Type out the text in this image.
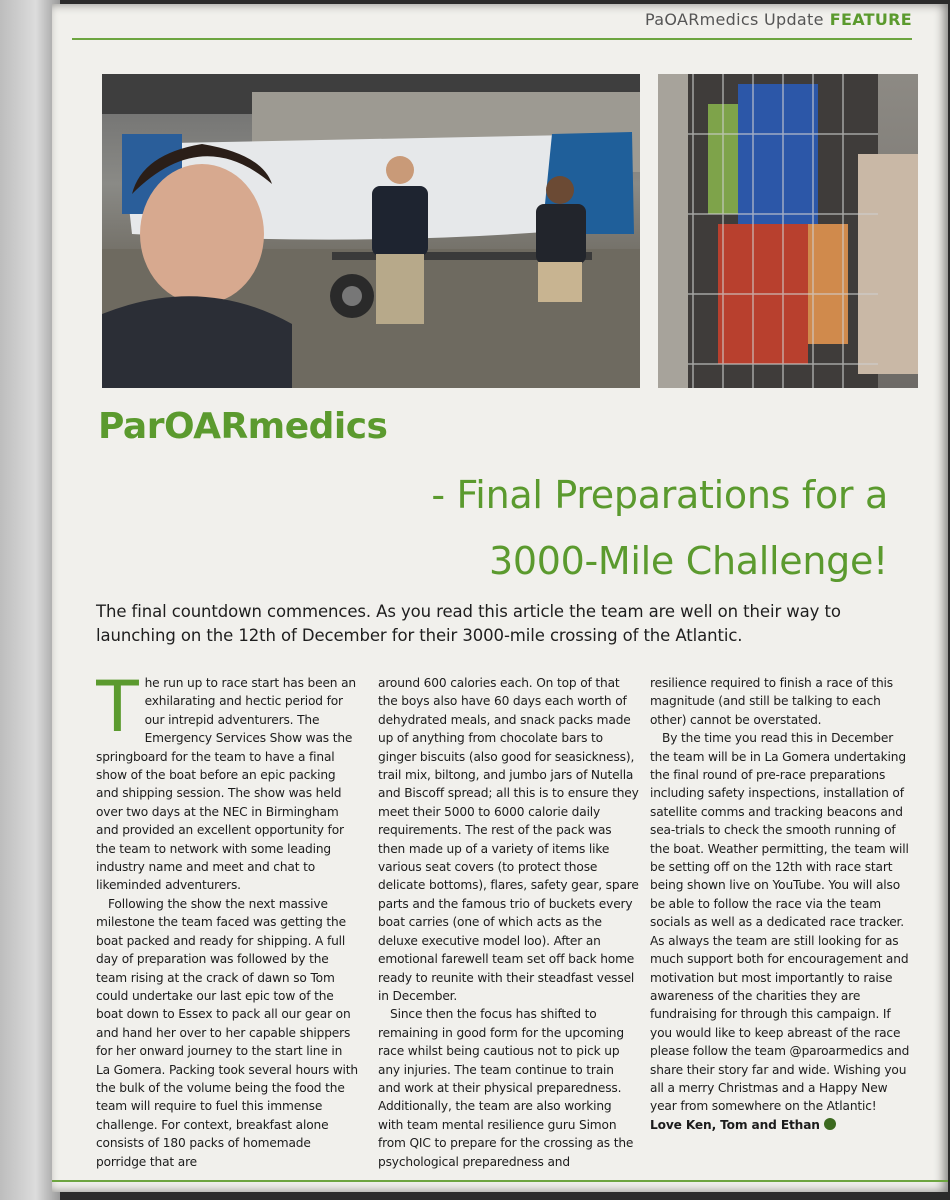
PaOARmedics Update FEATURE
ParOARmedics
- Final Preparations for a
3000-Mile Challenge!

The final countdown commences. As you read this article the team are well on their way to launching on the 12th of December for their 3000-mile crossing of the Atlantic.

The run up to race start has been an exhilarating and hectic period for our intrepid adventurers. The Emergency Services Show was the springboard for the team to have a final show of the boat before an epic packing and shipping session. The show was held over two days at the NEC in Birmingham and provided an excellent opportunity for the team to network with some leading industry name and meet and chat to likeminded adventurers.

Following the show the next massive milestone the team faced was getting the boat packed and ready for shipping. A full day of preparation was followed by the team rising at the crack of dawn so Tom could undertake our last epic tow of the boat down to Essex to pack all our gear on and hand her over to her capable shippers for her onward journey to the start line in La Gomera. Packing took several hours with the bulk of the volume being the food the team will require to fuel this immense challenge. For context, breakfast alone consists of 180 packs of homemade porridge that are

around 600 calories each. On top of that the boys also have 60 days each worth of dehydrated meals, and snack packs made up of anything from chocolate bars to ginger biscuits (also good for seasickness), trail mix, biltong, and jumbo jars of Nutella and Biscoff spread; all this is to ensure they meet their 5000 to 6000 calorie daily requirements. The rest of the pack was then made up of a variety of items like various seat covers (to protect those delicate bottoms), flares, safety gear, spare parts and the famous trio of buckets every boat carries (one of which acts as the deluxe executive model loo). After an emotional farewell team set off back home ready to reunite with their steadfast vessel in December.

Since then the focus has shifted to remaining in good form for the upcoming race whilst being cautious not to pick up any injuries. The team continue to train and work at their physical preparedness. Additionally, the team are also working with team mental resilience guru Simon from QIC to prepare for the crossing as the psychological preparedness and

resilience required to finish a race of this magnitude (and still be talking to each other) cannot be overstated.

By the time you read this in December the team will be in La Gomera undertaking the final round of pre-race preparations including safety inspections, installation of satellite comms and tracking beacons and sea-trials to check the smooth running of the boat. Weather permitting, the team will be setting off on the 12th with race start being shown live on YouTube. You will also be able to follow the race via the team socials as well as a dedicated race tracker. As always the team are still looking for as much support both for encouragement and motivation but most importantly to raise awareness of the charities they are fundraising for through this campaign. If you would like to keep abreast of the race please follow the team @paroarmedics and share their story far and wide. Wishing you all a merry Christmas and a Happy New year from somewhere on the Atlantic!

Love Ken, Tom and Ethan
